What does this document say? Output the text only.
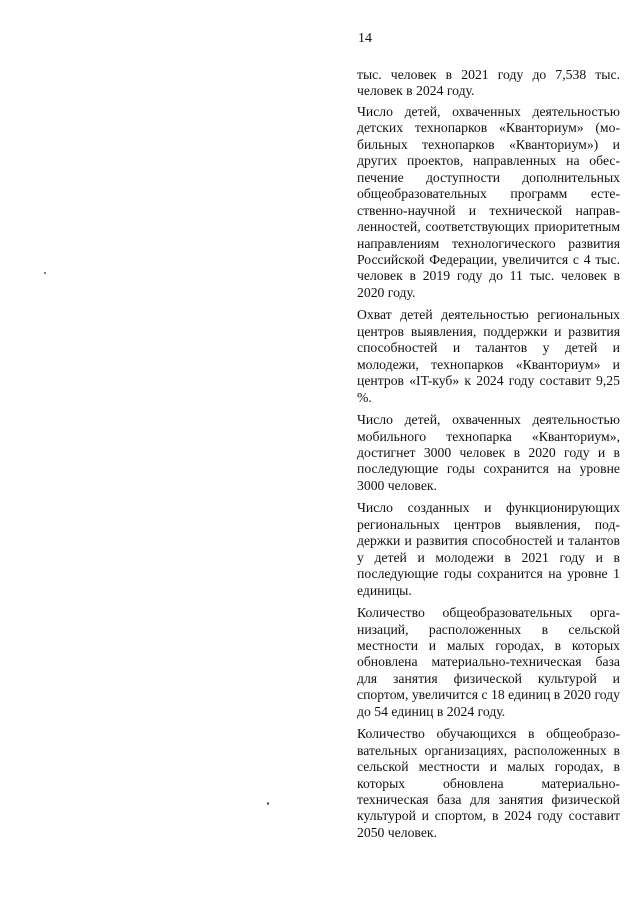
14

тыс. человек в 2021 году до 7,538 тыс. человек в 2024 году.

Число детей, охваченных деятельностью детских технопарков «Кванториум» (мобильных технопарков «Кванториум») и других проектов, направленных на обеспечение доступности дополнительных общеобразовательных программ естественно-научной и технической направленностей, соответствующих приоритетным направлениям технологического развития Российской Федерации, увеличится с 4 тыс. человек в 2019 году до 11 тыс. человек в 2020 году.

Охват детей деятельностью региональных центров выявления, поддержки и развития способностей и талантов у детей и молодежи, технопарков «Кванториум» и центров «IT-куб» к 2024 году составит 9,25 %.

Число детей, охваченных деятельностью мобильного технопарка «Кванториум», достигнет 3000 человек в 2020 году и в последующие годы сохранится на уровне 3000 человек.

Число созданных и функционирующих региональных центров выявления, поддержки и развития способностей и талантов у детей и молодежи в 2021 году и в последующие годы сохранится на уровне 1 единицы.

Количество общеобразовательных организаций, расположенных в сельской местности и малых городах, в которых обновлена материально-техническая база для занятия физической культурой и спортом, увеличится с 18 единиц в 2020 году до 54 единиц в 2024 году.

Количество обучающихся в общеобразовательных организациях, расположенных в сельской местности и малых городах, в которых обновлена материально-техническая база для занятия физической культурой и спортом, в 2024 году составит 2050 человек.
